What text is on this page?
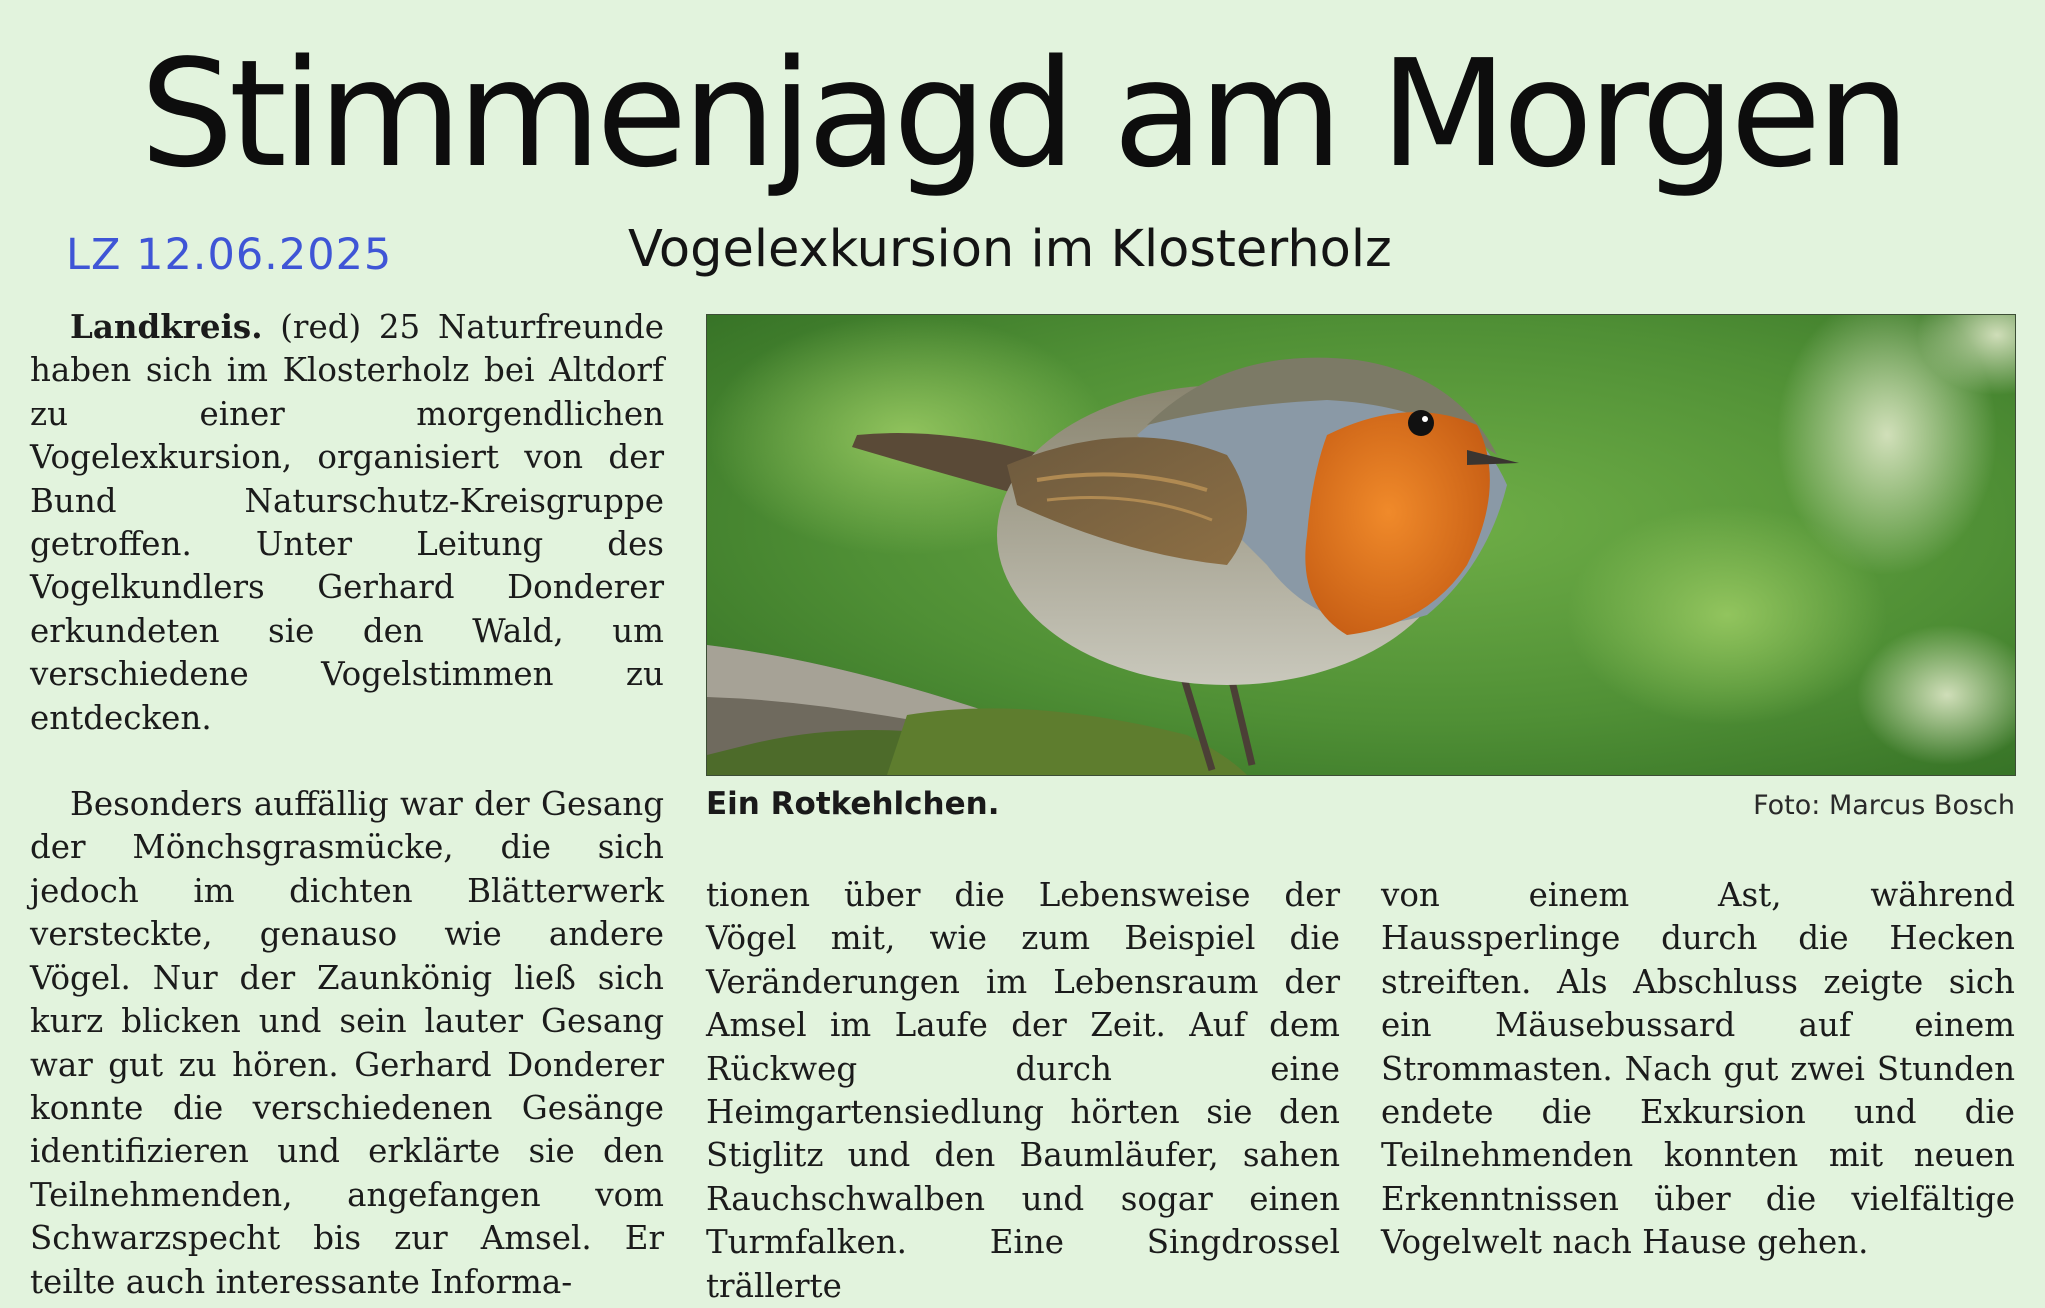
Stimmenjagd am Morgen
LZ 12.06.2025	Vogelexkursion im Klosterholz

Landkreis. (red) 25 Naturfreunde haben sich im Klosterholz bei Altdorf zu einer morgendlichen Vogelexkursion, organisiert von der Bund Naturschutz-Kreisgruppe getroffen. Unter Leitung des Vogelkundlers Gerhard Donderer erkundeten sie den Wald, um verschiedene Vogelstimmen zu entdecken.

Besonders auffällig war der Gesang der Mönchsgrasmücke, die sich jedoch im dichten Blätterwerk versteckte, genauso wie andere Vögel. Nur der Zaunkönig ließ sich kurz blicken und sein lauter Gesang war gut zu hören. Gerhard Donderer konnte die verschiedenen Gesänge identifizieren und erklärte sie den Teilnehmenden, angefangen vom Schwarzspecht bis zur Amsel. Er teilte auch interessante Informa-

Ein Rotkehlchen.	Foto: Marcus Bosch

tionen über die Lebensweise der Vögel mit, wie zum Beispiel die Veränderungen im Lebensraum der Amsel im Laufe der Zeit. Auf dem Rückweg durch eine Heimgartensiedlung hörten sie den Stiglitz und den Baumläufer, sahen Rauchschwalben und sogar einen Turmfalken. Eine Singdrossel trällerte

von einem Ast, während Haussperlinge durch die Hecken streiften. Als Abschluss zeigte sich ein Mäusebussard auf einem Strommasten. Nach gut zwei Stunden endete die Exkursion und die Teilnehmenden konnten mit neuen Erkenntnissen über die vielfältige Vogelwelt nach Hause gehen.
